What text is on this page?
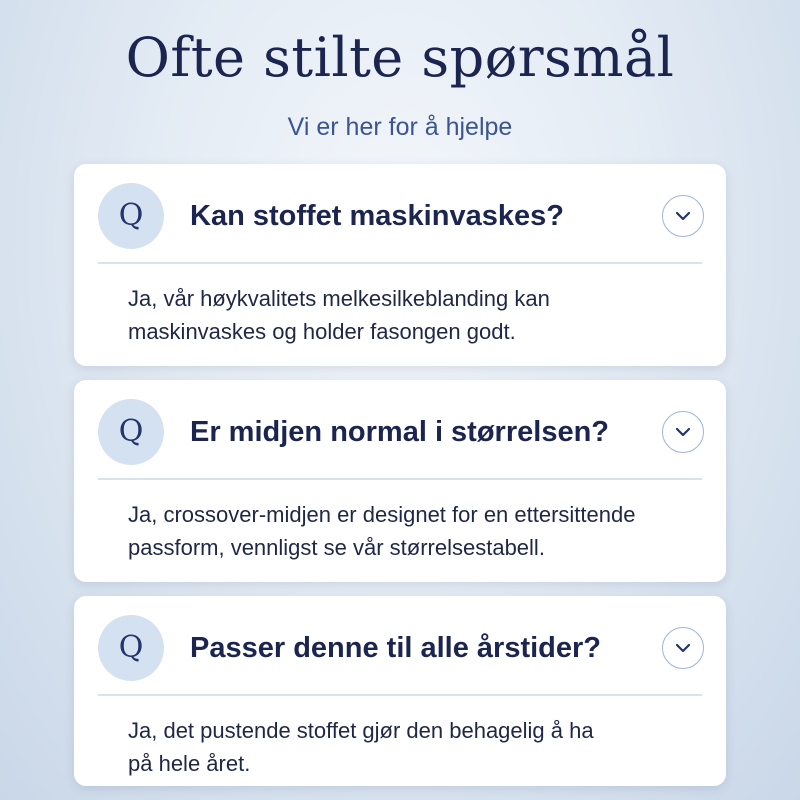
Ofte stilte spørsmål
Vi er her for å hjelpe
Q	Kan stoffet maskinvaskes?
Ja, vår høykvalitets melkesilkeblanding kan
maskinvaskes og holder fasongen godt.
Q	Er midjen normal i størrelsen?
Ja, crossover-midjen er designet for en ettersittende
passform, vennligst se vår størrelsestabell.
Q	Passer denne til alle årstider?
Ja, det pustende stoffet gjør den behagelig å ha
på hele året.
